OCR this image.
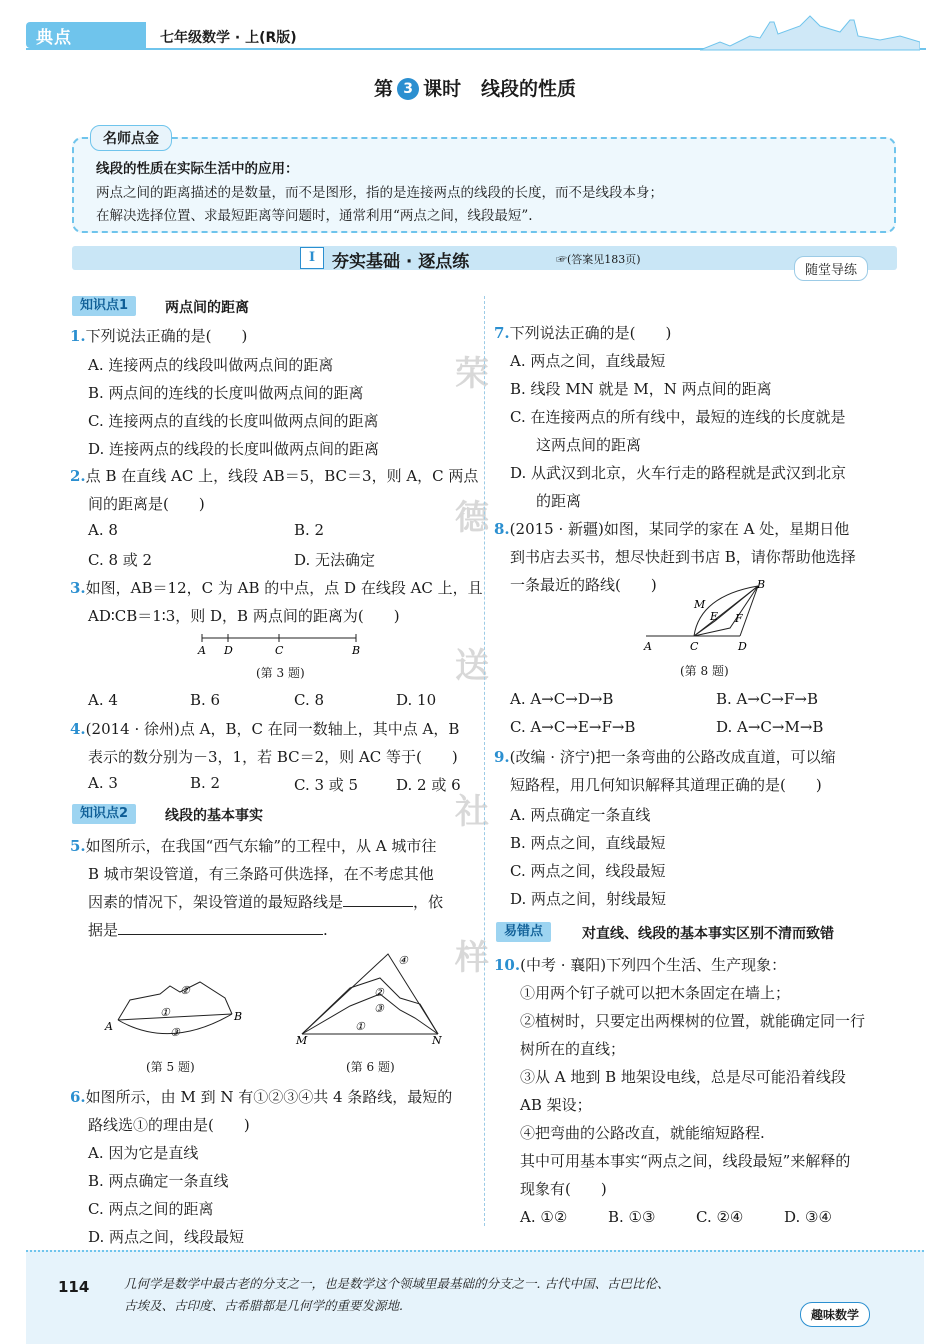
典点	七年级数学 · 上(R版)
第 3 课时 线段的性质
名师点金
线段的性质在实际生活中的应用：
两点之间的距离描述的是数量，而不是图形，指的是连接两点的线段的长度，而不是线段本身；
在解决选择位置、求最短距离等问题时，通常利用“两点之间，线段最短”.
Ⅰ 夯实基础 · 逐点练	☞(答案见183页)
随堂导练
荣
德
送
社
样
知识点1	两点间的距离
1.下列说法正确的是(　　)
A. 连接两点的线段叫做两点间的距离
B. 两点间的连线的长度叫做两点间的距离
C. 连接两点的直线的长度叫做两点间的距离
D. 连接两点的线段的长度叫做两点间的距离
2.点 B 在直线 AC 上，线段 AB＝5，BC＝3，则 A，C 两点
间的距离是(　　)
A. 8	B. 2
C. 8 或 2	D. 无法确定
3.如图，AB＝12，C 为 AB 的中点，点 D 在线段 AC 上，且
AD∶CB＝1∶3，则 D，B 两点间的距离为(　　)
A D	C	B
(第 3 题)
A. 4	B. 6	C. 8	D. 10
4.(2014 · 徐州)点 A，B，C 在同一数轴上，其中点 A，B
表示的数分别为－3，1，若 BC＝2，则 AC 等于(　　)
A. 3	B. 2	C. 3 或 5	D. 2 或 6
知识点2	线段的基本事实
5.如图所示，在我国“西气东输”的工程中，从 A 城市往
B 城市架设管道，有三条路可供选择，在不考虑其他
因素的情况下，架设管道的最短路线是	，依
据是	.
A
B
①
②
③
(第 5 题)
M	N
①
②
③
④
(第 6 题)
6.如图所示，由 M 到 N 有①②③④共 4 条路线，最短的
路线选①的理由是(　　)
A. 因为它是直线
B. 两点确定一条直线
C. 两点之间的距离
D. 两点之间，线段最短
7.下列说法正确的是(　　)
A. 两点之间，直线最短
B. 线段 MN 就是 M，N 两点间的距离
C. 在连接两点的所有线中，最短的连线的长度就是
这两点间的距离
D. 从武汉到北京，火车行走的路程就是武汉到北京
的距离
8.(2015 · 新疆)如图，某同学的家在 A 处，星期日他
到书店去买书，想尽快赶到书店 B，请你帮助他选择
一条最近的路线(　　)
A	C	D
B
M
E F
(第 8 题)
A. A→C→D→B	B. A→C→F→B
C. A→C→E→F→B	D. A→C→M→B
9.(改编 · 济宁)把一条弯曲的公路改成直道，可以缩
短路程，用几何知识解释其道理正确的是(　　)
A. 两点确定一条直线
B. 两点之间，直线最短
C. 两点之间，线段最短
D. 两点之间，射线最短
易错点	对直线、线段的基本事实区别不清而致错
10.(中考 · 襄阳)下列四个生活、生产现象：
①用两个钉子就可以把木条固定在墙上；
②植树时，只要定出两棵树的位置，就能确定同一行
树所在的直线；
③从 A 地到 B 地架设电线，总是尽可能沿着线段
AB 架设；
④把弯曲的公路改直，就能缩短路程.
其中可用基本事实“两点之间，线段最短”来解释的
现象有(　　)
A. ①②	B. ①③	C. ②④	D. ③④
114	几何学是数学中最古老的分支之一，也是数学这个领域里最基础的分支之一. 古代中国、古巴比伦、
古埃及、古印度、古希腊都是几何学的重要发源地.
趣味数学
